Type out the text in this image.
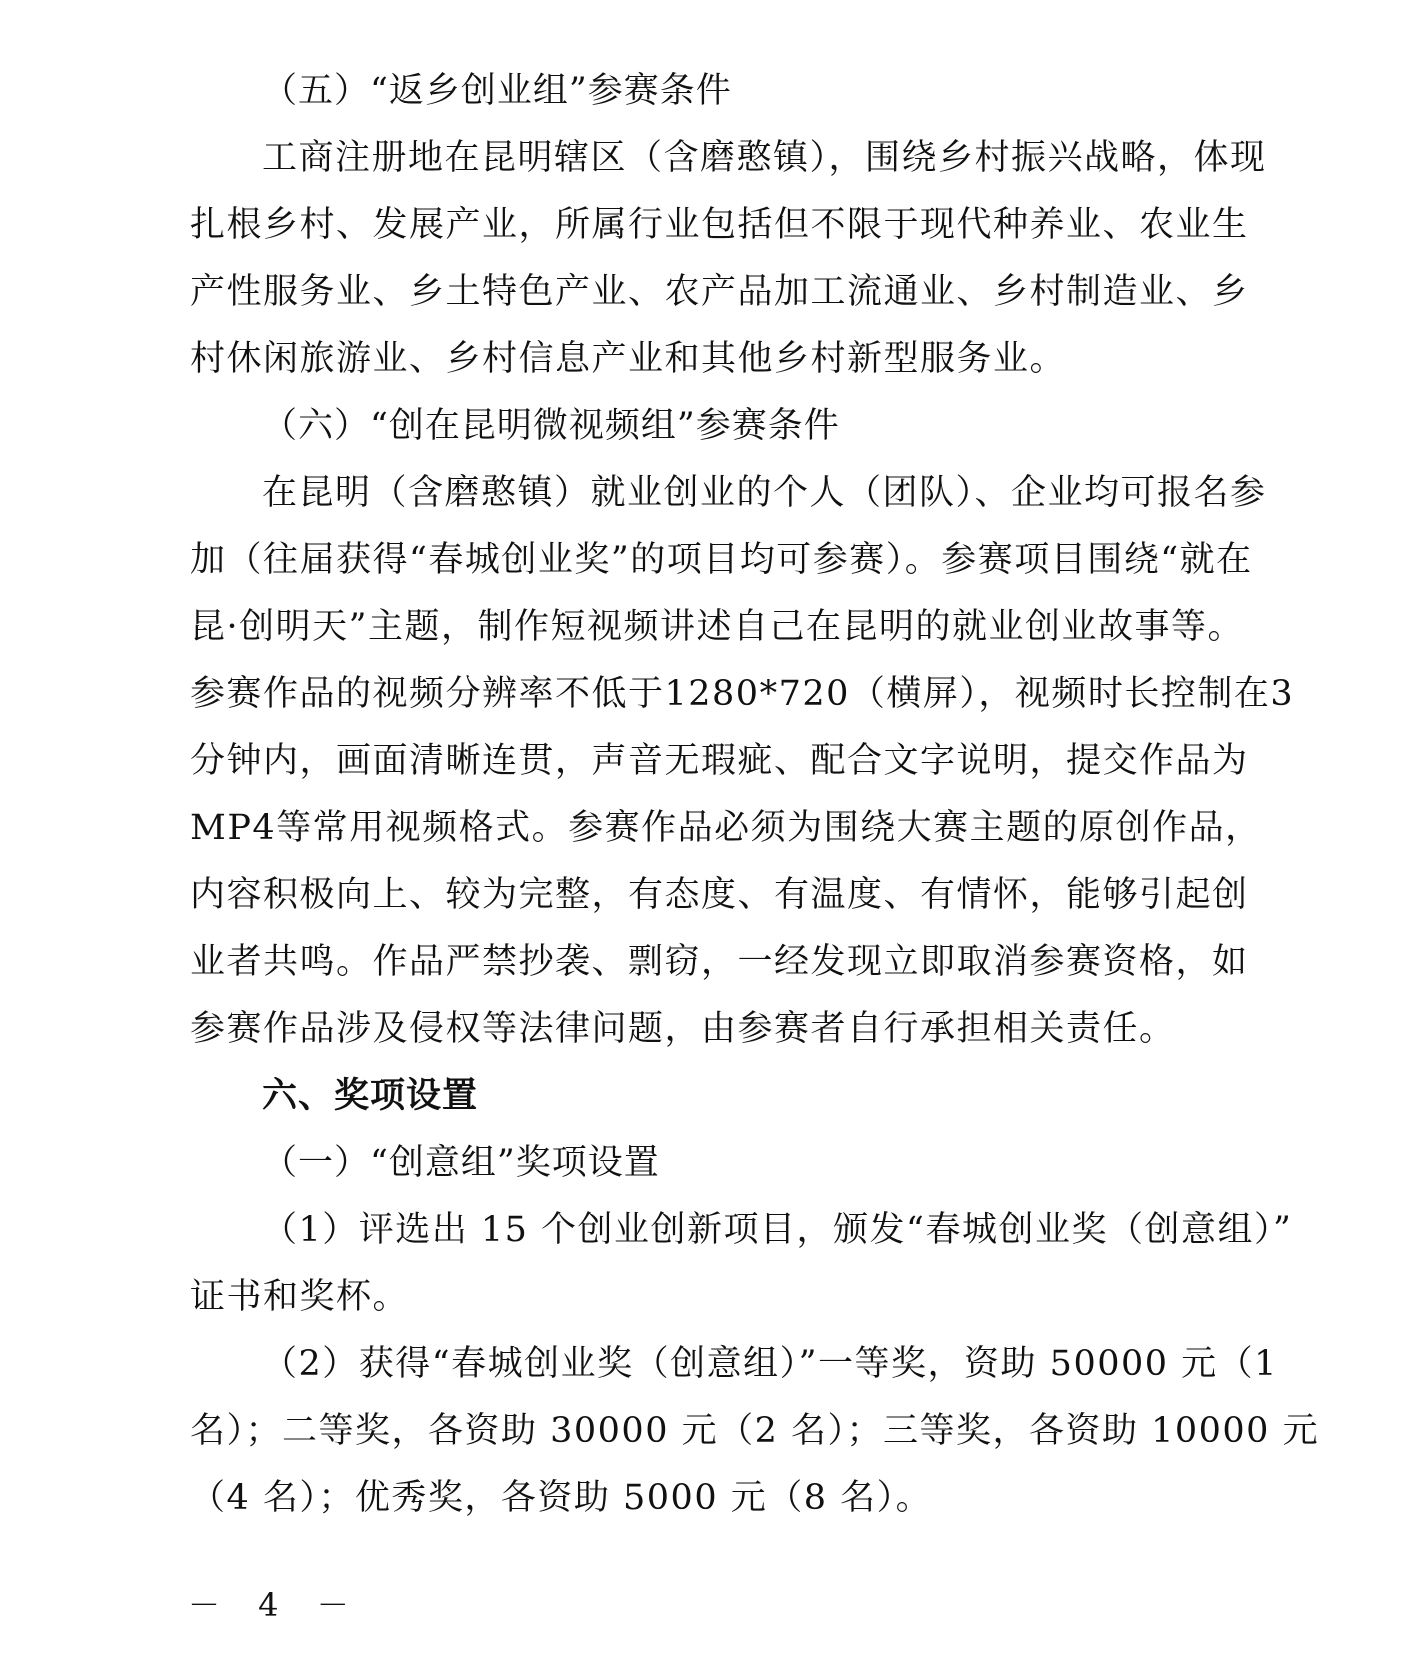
（五）“返乡创业组”参赛条件
工商注册地在昆明辖区（含磨憨镇），围绕乡村振兴战略，体现
扎根乡村、发展产业，所属行业包括但不限于现代种养业、农业生
产性服务业、乡土特色产业、农产品加工流通业、乡村制造业、乡
村休闲旅游业、乡村信息产业和其他乡村新型服务业。
（六）“创在昆明微视频组”参赛条件
在昆明（含磨憨镇）就业创业的个人（团队）、企业均可报名参
加（往届获得“春城创业奖”的项目均可参赛）。参赛项目围绕“就在
昆·创明天”主题，制作短视频讲述自己在昆明的就业创业故事等。
参赛作品的视频分辨率不低于1280*720（横屏），视频时长控制在3
分钟内，画面清晰连贯，声音无瑕疵、配合文字说明，提交作品为
MP4等常用视频格式。参赛作品必须为围绕大赛主题的原创作品，
内容积极向上、较为完整，有态度、有温度、有情怀，能够引起创
业者共鸣。作品严禁抄袭、剽窃，一经发现立即取消参赛资格，如
参赛作品涉及侵权等法律问题，由参赛者自行承担相关责任。
六、奖项设置
（一）“创意组”奖项设置
（1）评选出 15 个创业创新项目，颁发“春城创业奖（创意组）”
证书和奖杯。
（2）获得“春城创业奖（创意组）”一等奖，资助 50000 元（1
名）；二等奖，各资助 30000 元（2 名）；三等奖，各资助 10000 元
（4 名）；优秀奖，各资助 5000 元（8 名）。
－ 4 －
